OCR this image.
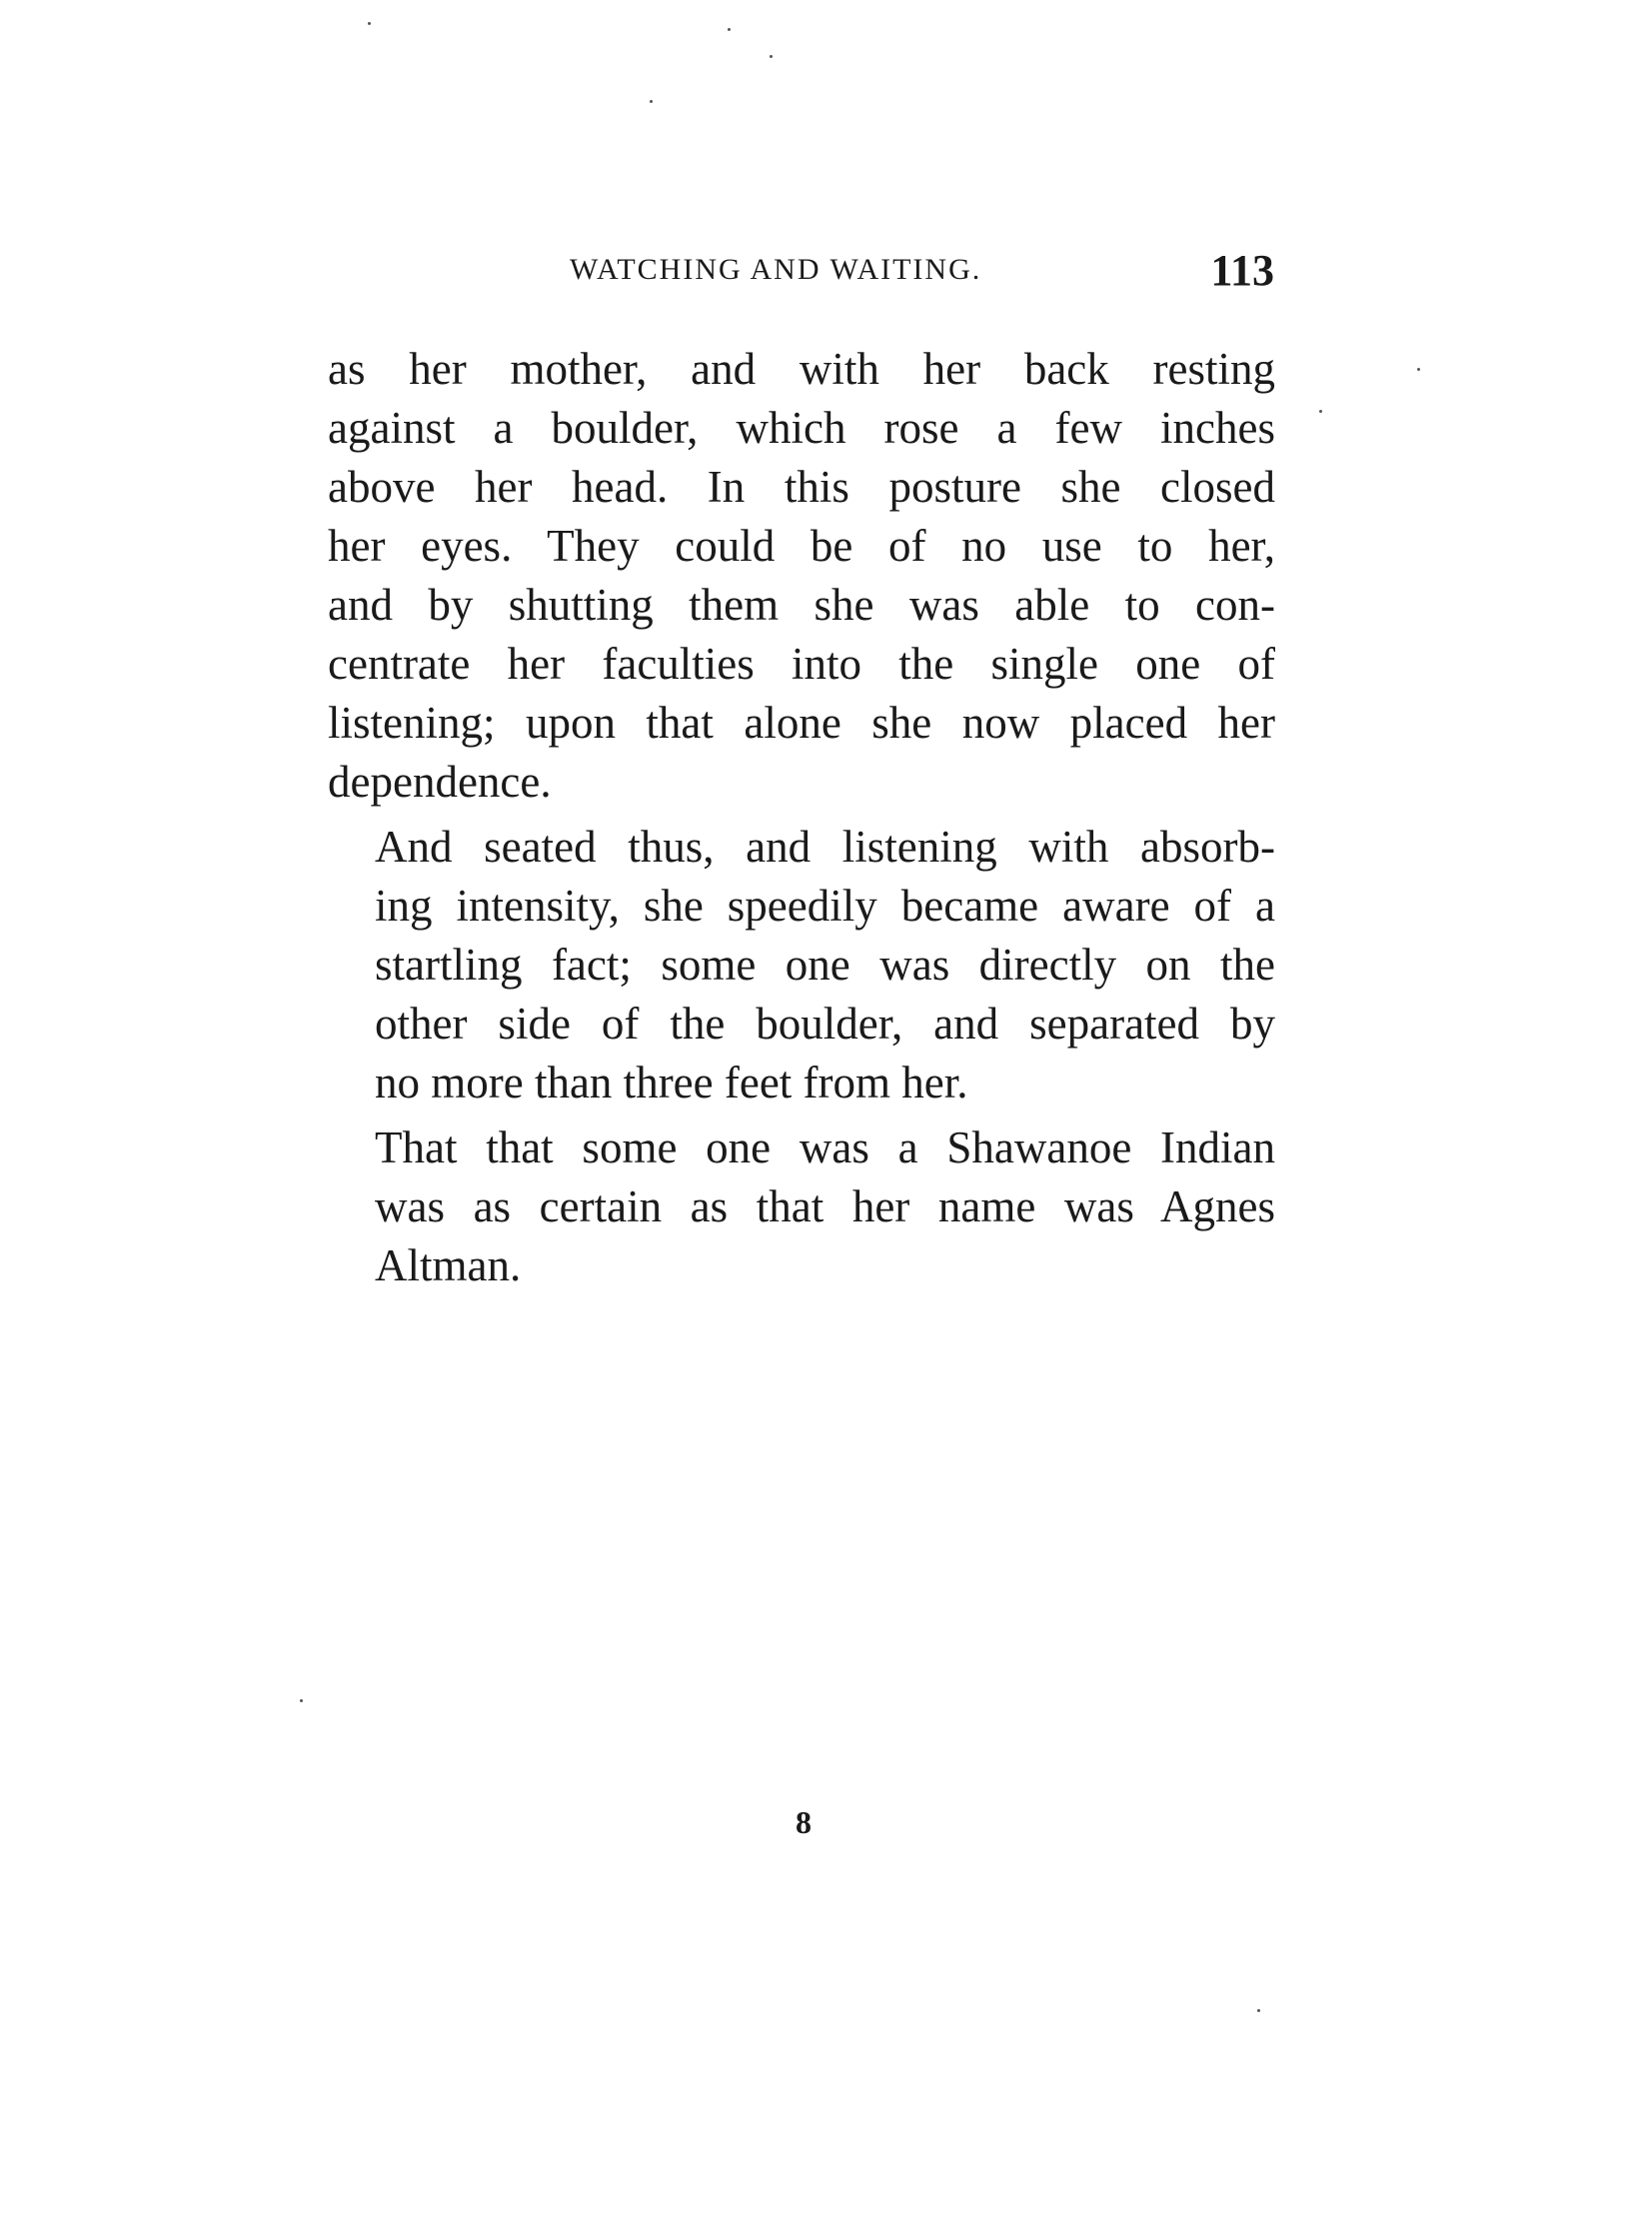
WATCHING AND WAITING.	113
as her mother, and with her back resting
against a boulder, which rose a few inches
above her head. In this posture she closed
her eyes. They could be of no use to her,
and by shutting them she was able to con-
centrate her faculties into the single one of
listening; upon that alone she now placed her
dependence.
And seated thus, and listening with absorb-
ing intensity, she speedily became aware of a
startling fact; some one was directly on the
other side of the boulder, and separated by
no more than three feet from her.
That that some one was a Shawanoe Indian
was as certain as that her name was Agnes
Altman.
8
